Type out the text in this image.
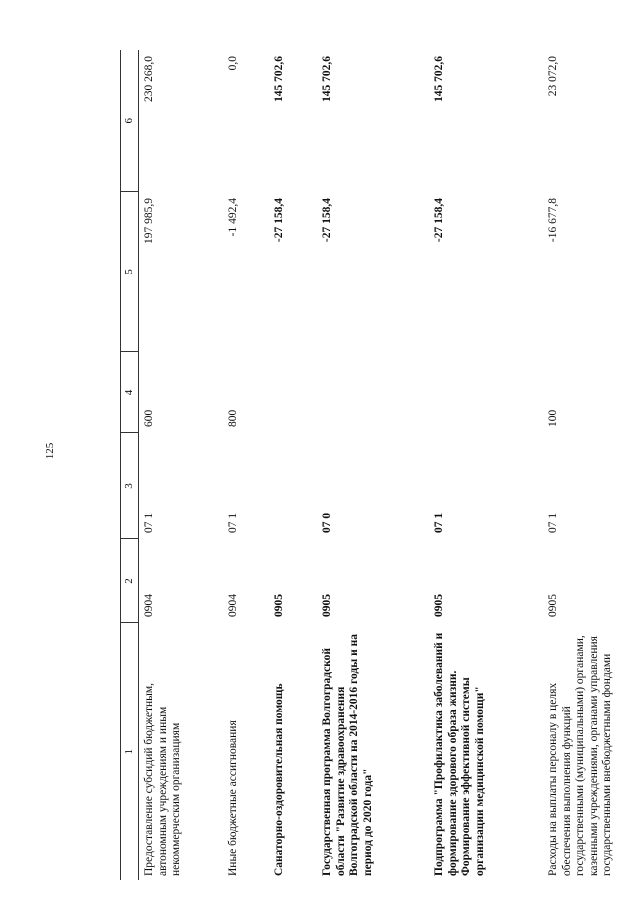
125
1	2	3	4	5	6
Предоставление субсидий бюджетным, автономным учреждениям и иным некоммерческим организациям	0904	07 1	600	197 985,9	230 268,0
Иные бюджетные ассигнования	0904	07 1	800	-1 492,4	0,0
Санаторно-оздоровительная помощь	0905			-27 158,4	145 702,6
Государственная программа Волгоградской области "Развитие здравоохранения Волгоградской области на 2014-2016 годы и на период до 2020 года"	0905	07 0		-27 158,4	145 702,6
Подпрограмма "Профилактика заболеваний и формирование здорового образа жизни. Формирование эффективной системы организации медицинской помощи"	0905	07 1		-27 158,4	145 702,6
Расходы на выплаты персоналу в целях обеспечения выполнения функций государственными (муниципальными) органами, казенными учреждениями, органами управления государственными внебюджетными фондами	0905	07 1	100	-16 677,8	23 072,0
